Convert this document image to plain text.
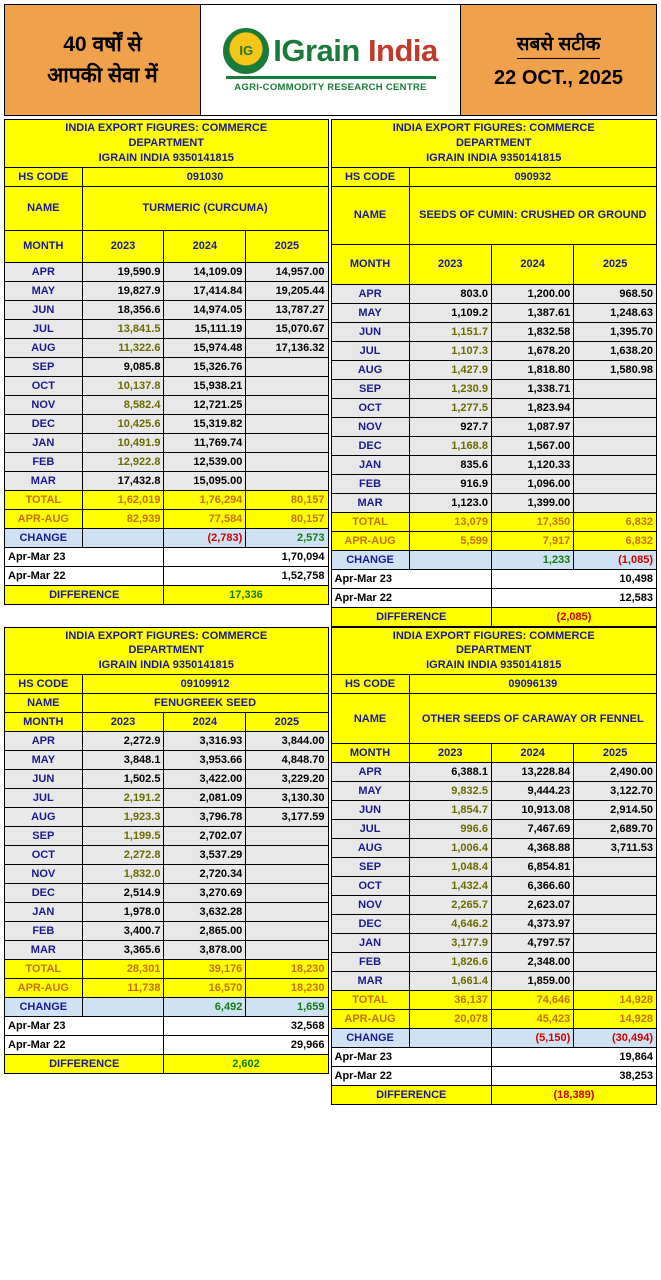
40 वर्षों से
आपकी सेवा में
IG IGrain India
AGRI-COMMODITY RESEARCH CENTRE
सबसे सटीक
22 OCT., 2025
INDIA EXPORT FIGURES: COMMERCE
DEPARTMENT
IGRAIN INDIA 9350141815			
HS CODE	091030		
NAME	TURMERIC (CURCUMA)		
MONTH	2023	2024	2025
APR	19,590.9	14,109.09	14,957.00
MAY	19,827.9	17,414.84	19,205.44
JUN	18,356.6	14,974.05	13,787.27
JUL	13,841.5	15,111.19	15,070.67
AUG	11,322.6	15,974.48	17,136.32
SEP	9,085.8	15,326.76	
OCT	10,137.8	15,938.21	
NOV	8,582.4	12,721.25	
DEC	10,425.6	15,319.82	
JAN	10,491.9	11,769.74	
FEB	12,922.8	12,539.00	
MAR	17,432.8	15,095.00	
TOTAL	1,62,019	1,76,294	80,157
APR-AUG	82,939	77,584	80,157
CHANGE		(2,783)	2,573
Apr-Mar 23		1,70,094	
Apr-Mar 22		1,52,758	
DIFFERENCE		17,336	
INDIA EXPORT FIGURES: COMMERCE
DEPARTMENT
IGRAIN INDIA 9350141815			
HS CODE	090932		
NAME	SEEDS OF CUMIN: CRUSHED OR GROUND		
MONTH	2023	2024	2025
APR	803.0	1,200.00	968.50
MAY	1,109.2	1,387.61	1,248.63
JUN	1,151.7	1,832.58	1,395.70
JUL	1,107.3	1,678.20	1,638.20
AUG	1,427.9	1,818.80	1,580.98
SEP	1,230.9	1,338.71	
OCT	1,277.5	1,823.94	
NOV	927.7	1,087.97	
DEC	1,168.8	1,567.00	
JAN	835.6	1,120.33	
FEB	916.9	1,096.00	
MAR	1,123.0	1,399.00	
TOTAL	13,079	17,350	6,832
APR-AUG	5,599	7,917	6,832
CHANGE		1,233	(1,085)
Apr-Mar 23		10,498	
Apr-Mar 22		12,583	
DIFFERENCE		(2,085)	
INDIA EXPORT FIGURES: COMMERCE
DEPARTMENT
IGRAIN INDIA 9350141815			
HS CODE	09109912		
NAME	FENUGREEK SEED		
MONTH	2023	2024	2025
APR	2,272.9	3,316.93	3,844.00
MAY	3,848.1	3,953.66	4,848.70
JUN	1,502.5	3,422.00	3,229.20
JUL	2,191.2	2,081.09	3,130.30
AUG	1,923.3	3,796.78	3,177.59
SEP	1,199.5	2,702.07	
OCT	2,272.8	3,537.29	
NOV	1,832.0	2,720.34	
DEC	2,514.9	3,270.69	
JAN	1,978.0	3,632.28	
FEB	3,400.7	2,865.00	
MAR	3,365.6	3,878.00	
TOTAL	28,301	39,176	18,230
APR-AUG	11,738	16,570	18,230
CHANGE		6,492	1,659
Apr-Mar 23		32,568	
Apr-Mar 22		29,966	
DIFFERENCE		2,602	
INDIA EXPORT FIGURES: COMMERCE
DEPARTMENT
IGRAIN INDIA 9350141815			
HS CODE	09096139		
NAME	OTHER SEEDS OF CARAWAY OR FENNEL		
MONTH	2023	2024	2025
APR	6,388.1	13,228.84	2,490.00
MAY	9,832.5	9,444.23	3,122.70
JUN	1,854.7	10,913.08	2,914.50
JUL	996.6	7,467.69	2,689.70
AUG	1,006.4	4,368.88	3,711.53
SEP	1,048.4	6,854.81	
OCT	1,432.4	6,366.60	
NOV	2,265.7	2,623.07	
DEC	4,646.2	4,373.97	
JAN	3,177.9	4,797.57	
FEB	1,826.6	2,348.00	
MAR	1,661.4	1,859.00	
TOTAL	36,137	74,646	14,928
APR-AUG	20,078	45,423	14,928
CHANGE		(5,150)	(30,494)
Apr-Mar 23		19,864	
Apr-Mar 22		38,253	
DIFFERENCE		(18,389)	
